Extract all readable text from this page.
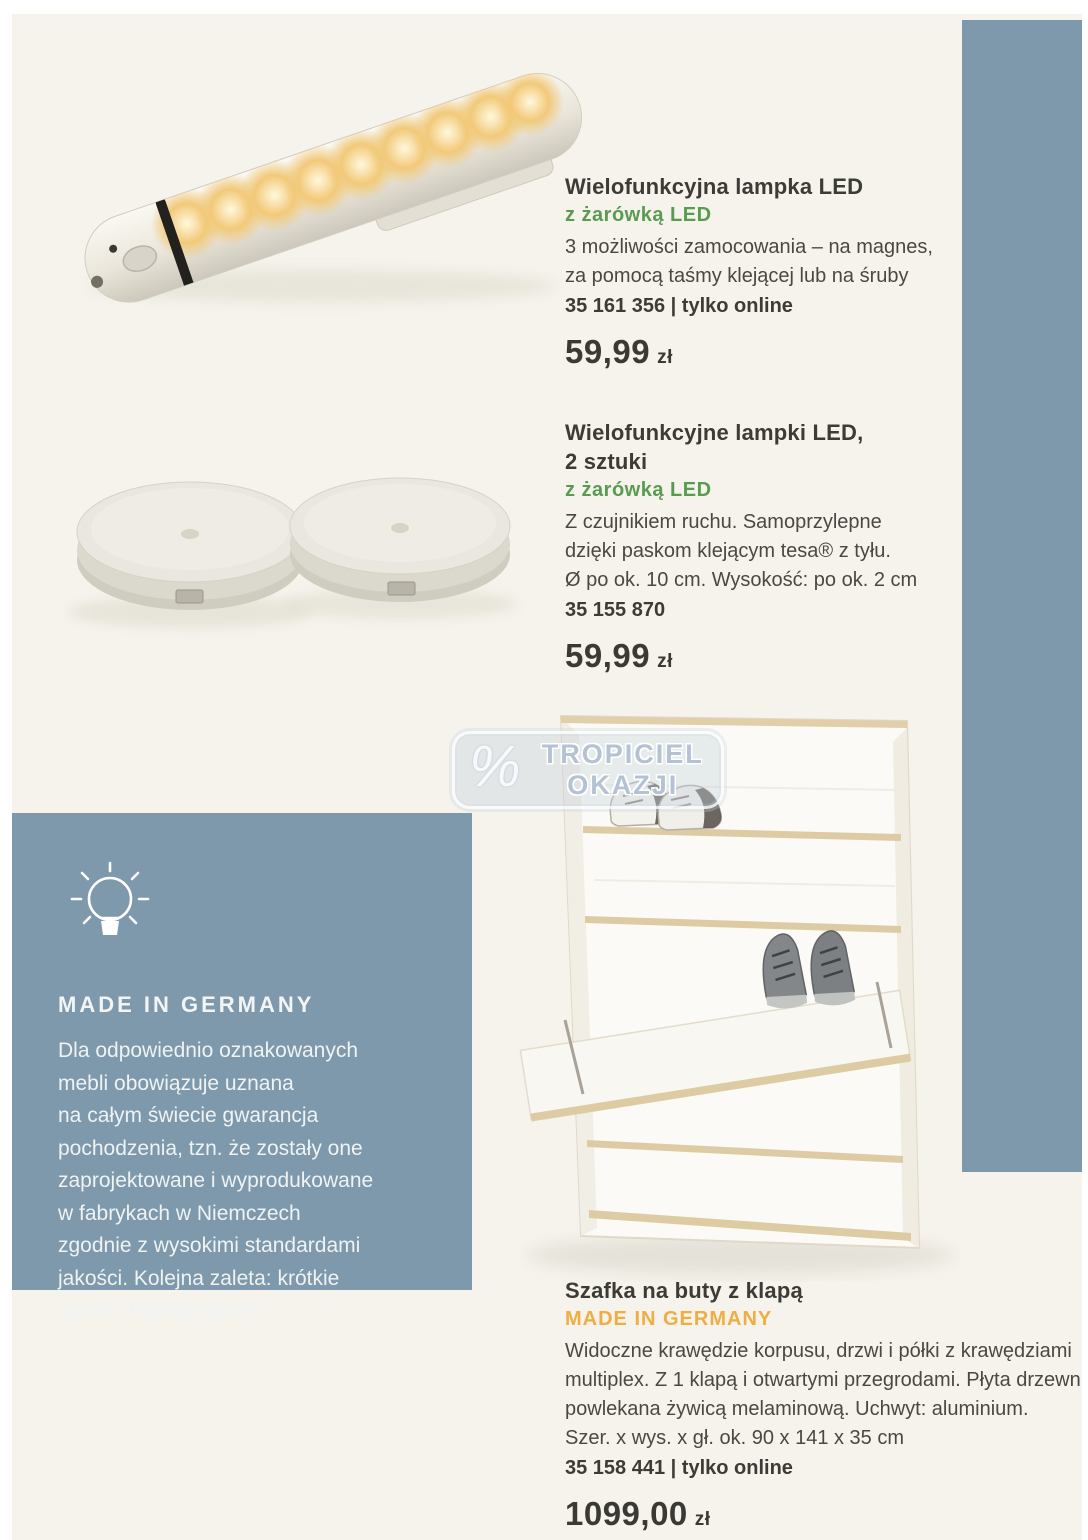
Wielofunkcyjna lampka LED
z żarówką LED

3 możliwości zamocowania – na magnes,

za pomocą taśmy klejącej lub na śruby

35 161 356 | tylko online
59,99 zł
Wielofunkcyjne lampki LED,
2 sztuki
z żarówką LED

Z czujnikiem ruchu. Samoprzylepne

dzięki paskom klejącym tesa® z tyłu.

Ø po ok. 10 cm. Wysokość: po ok. 2 cm

35 155 870
59,99 zł
% TROPICIEL
OKAZJI
MADE IN GERMANY
Dla odpowiednio oznakowanych
mebli obowiązuje uznana
na całym świecie gwarancja
pochodzenia, tzn. że zostały one
zaprojektowane i wyprodukowane
w fabrykach w Niemczech
zgodnie z wysokimi standardami
jakości. Kolejna zaleta: krótkie
odcinki transportowe.
Szafka na buty z klapą
MADE IN GERMANY

Widoczne krawędzie korpusu, drzwi i półki z krawędziami

multiplex. Z 1 klapą i otwartymi przegrodami. Płyta drzewn

powlekana żywicą melaminową. Uchwyt: aluminium.

Szer. x wys. x gł. ok. 90 x 141 x 35 cm

35 158 441 | tylko online
1099,00 zł
